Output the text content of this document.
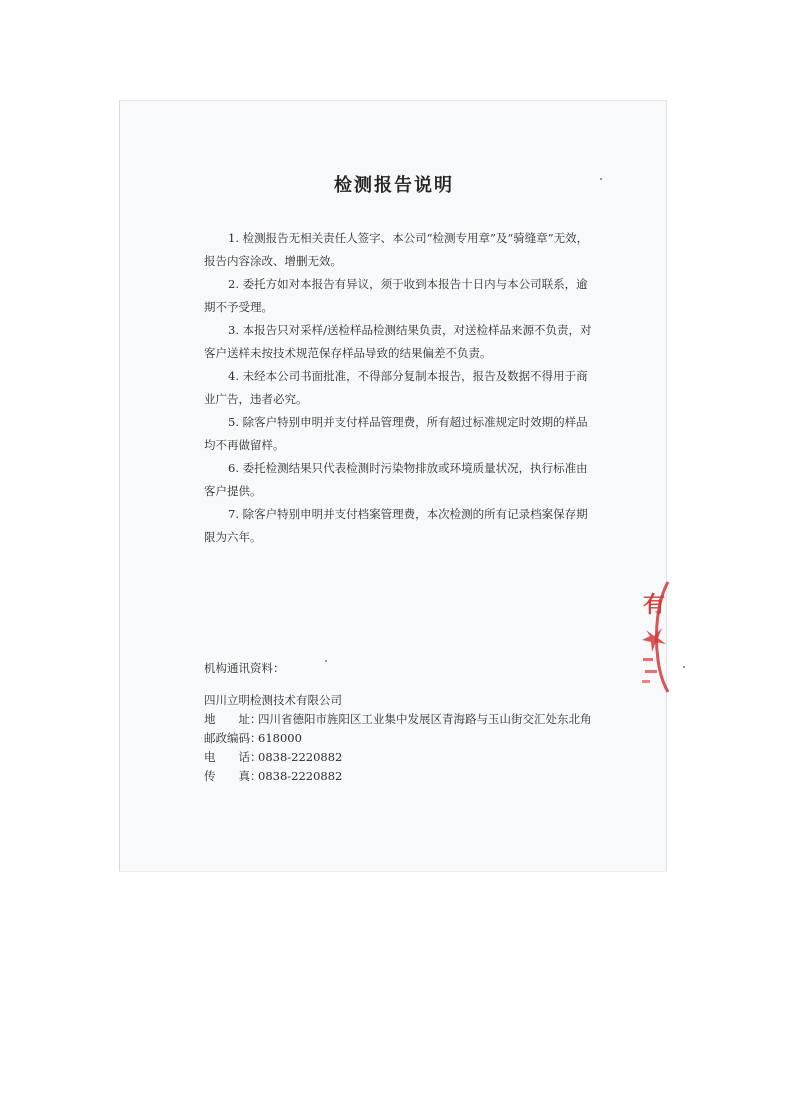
检测报告说明

1. 检测报告无相关责任人签字、本公司“检测专用章”及“骑缝章”无效，报告内容涂改、增删无效。

2. 委托方如对本报告有异议，须于收到本报告十日内与本公司联系，逾期不予受理。

3. 本报告只对采样/送检样品检测结果负责，对送检样品来源不负责，对客户送样未按技术规范保存样品导致的结果偏差不负责。

4. 未经本公司书面批准，不得部分复制本报告，报告及数据不得用于商业广告，违者必究。

5. 除客户特别申明并支付样品管理费，所有超过标准规定时效期的样品均不再做留样。

6. 委托检测结果只代表检测时污染物排放或环境质量状况，执行标准由客户提供。

7. 除客户特别申明并支付档案管理费，本次检测的所有记录档案保存期限为六年。

机构通讯资料：
四川立明检测技术有限公司
地　　址：四川省德阳市旌阳区工业集中发展区青海路与玉山街交汇处东北角
邮政编码：618000
电　　话：0838-2220882
传　　真：0838-2220882
有
